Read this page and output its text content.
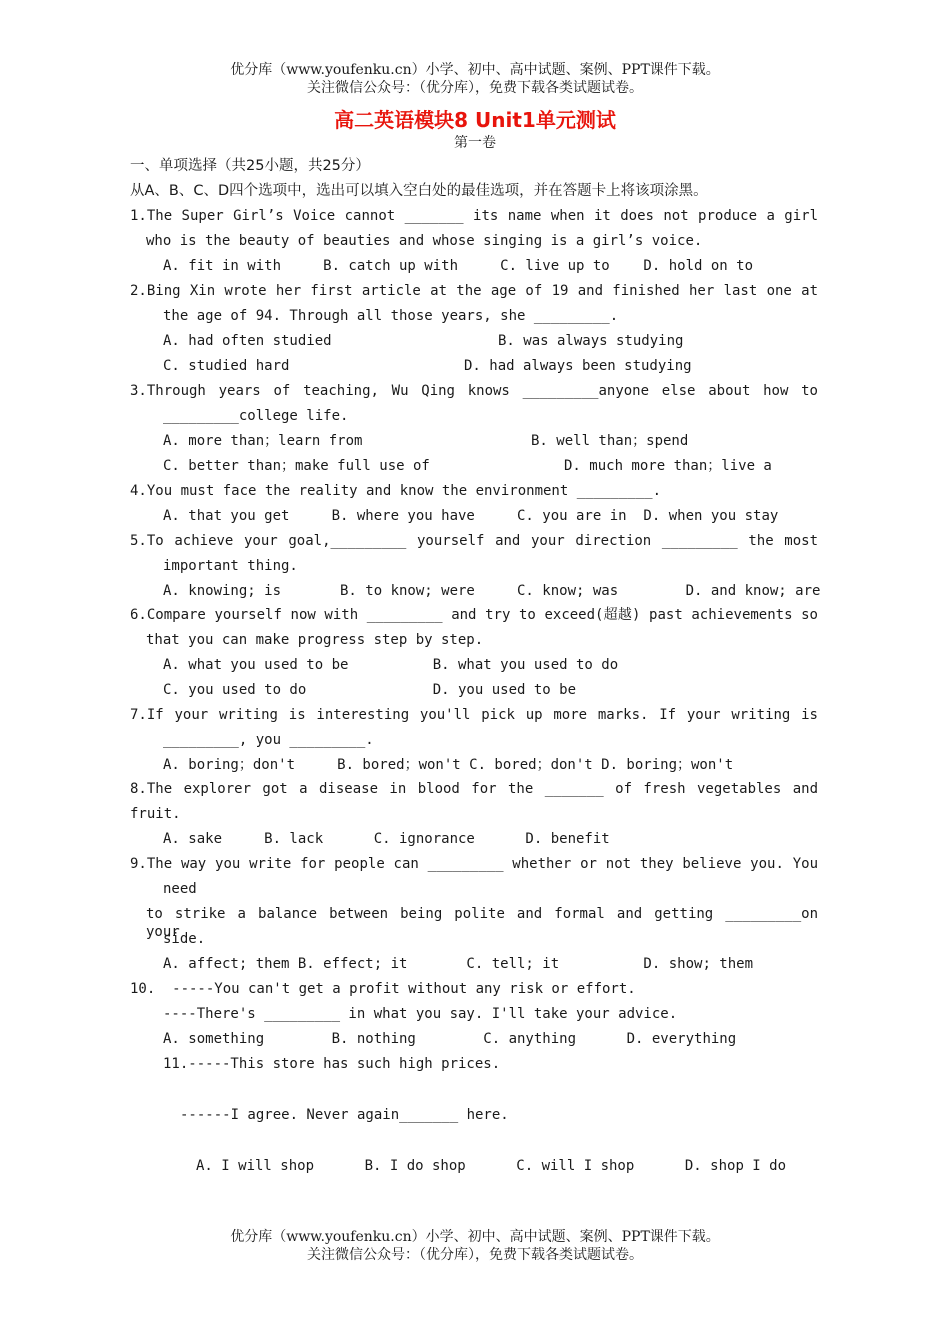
优分库（www.youfenku.cn）小学、初中、高中试题、案例、PPT课件下载。
关注微信公众号：（优分库），免费下载各类试题试卷。
高二英语模块8 Unit1单元测试
第一卷
一、单项选择（共25小题，共25分）
从A、B、C、D四个选项中，选出可以填入空白处的最佳选项，并在答题卡上将该项涂黑。
1.The Super Girl’s Voice cannot _______ its name when it does not produce a girl
who is the beauty of beauties and whose singing is a girl’s voice.
A. fit in with     B. catch up with     C. live up to    D. hold on to
2.Bing Xin wrote her first article at the age of 19 and finished her last one at
the age of 94. Through all those years, she _________.
A. had often studied	B. was always studying
C. studied hard	D. had always been studying
3.Through years of teaching, Wu Qing knows _________anyone else about how to
_________college life.
A. more than；learn from	B. well than；spend
C. better than；make full use of	D. much more than；live a
4.You must face the reality and know the environment _________.
A. that you get     B. where you have     C. you are in  D. when you stay
5.To achieve your goal,_________ yourself and your direction _________ the most
important thing.
A. knowing; is       B. to know; were     C. know; was        D. and know; are
6.Compare yourself now with _________ and try to exceed(超越) past achievements so
that you can make progress step by step.
A. what you used to be          B. what you used to do
C. you used to do               D. you used to be
7.If your writing is interesting you'll pick up more marks. If your writing is
_________, you _________.
A. boring；don't     B. bored；won't C. bored；don't D. boring；won't
8.The explorer got a disease in blood for the _______ of fresh vegetables and
fruit.
A. sake     B. lack      C. ignorance      D. benefit
9.The way you write for people can _________ whether or not they believe you. You
need
to strike a balance between being polite and formal and getting _________on your
side.
A. affect; them B. effect; it       C. tell; it          D. show; them
10.  -----You can't get a profit without any risk or effort.
----There's _________ in what you say. I'll take your advice.
A. something        B. nothing        C. anything      D. everything
11.-----This store has such high prices.
------I agree. Never again_______ here.
A. I will shop      B. I do shop      C. will I shop      D. shop I do
优分库（www.youfenku.cn）小学、初中、高中试题、案例、PPT课件下载。
关注微信公众号：（优分库），免费下载各类试题试卷。
